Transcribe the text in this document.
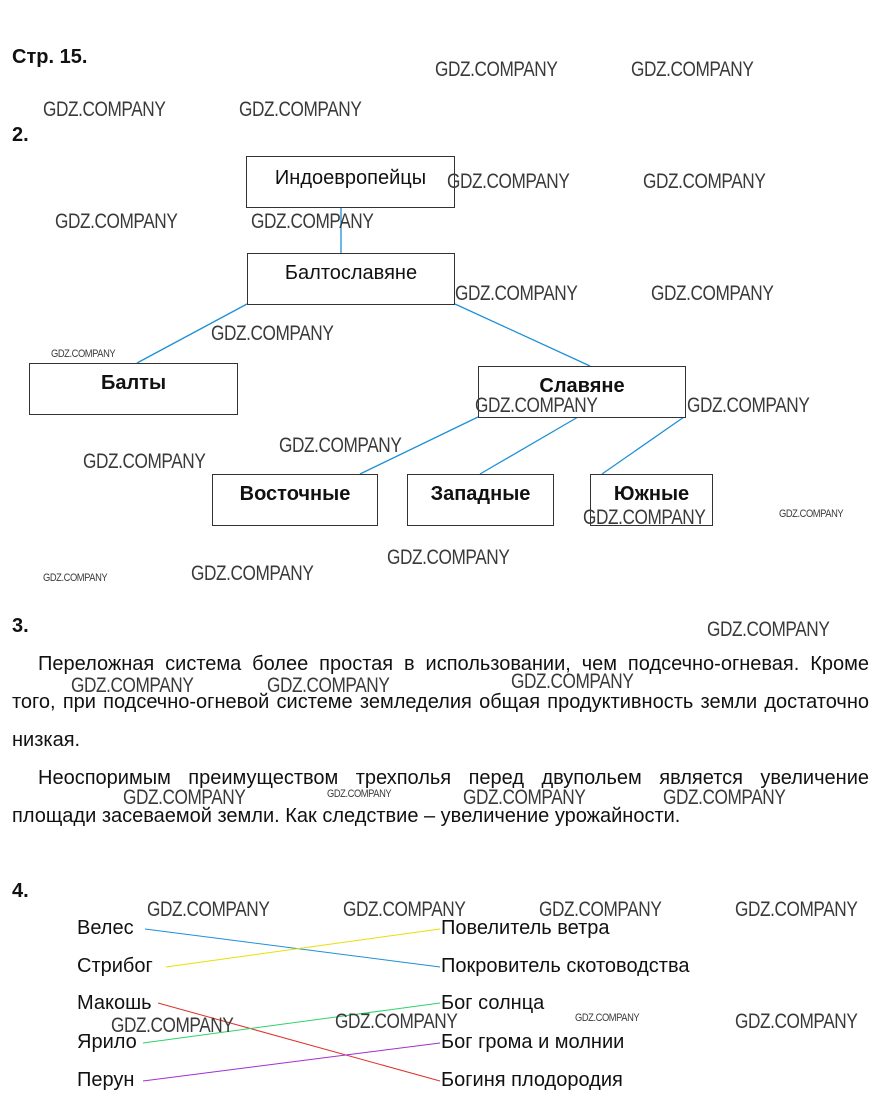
Стр. 15.
2.
Индоевропейцы
Балтославяне
Балты	Славяне
Восточные	Западные	Южные
3.

Переложная система более простая в использовании, чем подсечно-огневая. Кроме того, при подсечно-огневой системе земледелия общая продуктивность земли достаточно низкая.

Неоспоримым преимуществом трехполья перед двупольем является увеличение площади засеваемой земли. Как следствие – увеличение урожайности.

4.
Велес
Стрибог
Макошь
Ярило
Перун
Повелитель ветра
Покровитель скотоводства
Бог солнца
Бог грома и молнии
Богиня плодородия
GDZ.COMPANY	GDZ.COMPANY
GDZ.COMPANY	GDZ.COMPANY
GDZ.COMPANY	GDZ.COMPANY
GDZ.COMPANY	GDZ.COMPANY
GDZ.COMPANY	GDZ.COMPANY
GDZ.COMPANY
GDZ.COMPANY
GDZ.COMPANY	GDZ.COMPANY
GDZ.COMPANY
GDZ.COMPANY
GDZ.COMPANY	GDZ.COMPANY
GDZ.COMPANY
GDZ.COMPANY
GDZ.COMPANY
GDZ.COMPANY
GDZ.COMPANY
GDZ.COMPANY	GDZ.COMPANY
GDZ.COMPANY	GDZ.COMPANY	GDZ.COMPANY
GDZ.COMPANY
GDZ.COMPANY	GDZ.COMPANY	GDZ.COMPANY	GDZ.COMPANY
GDZ.COMPANY	GDZ.COMPANY	GDZ.COMPANY
GDZ.COMPANY
